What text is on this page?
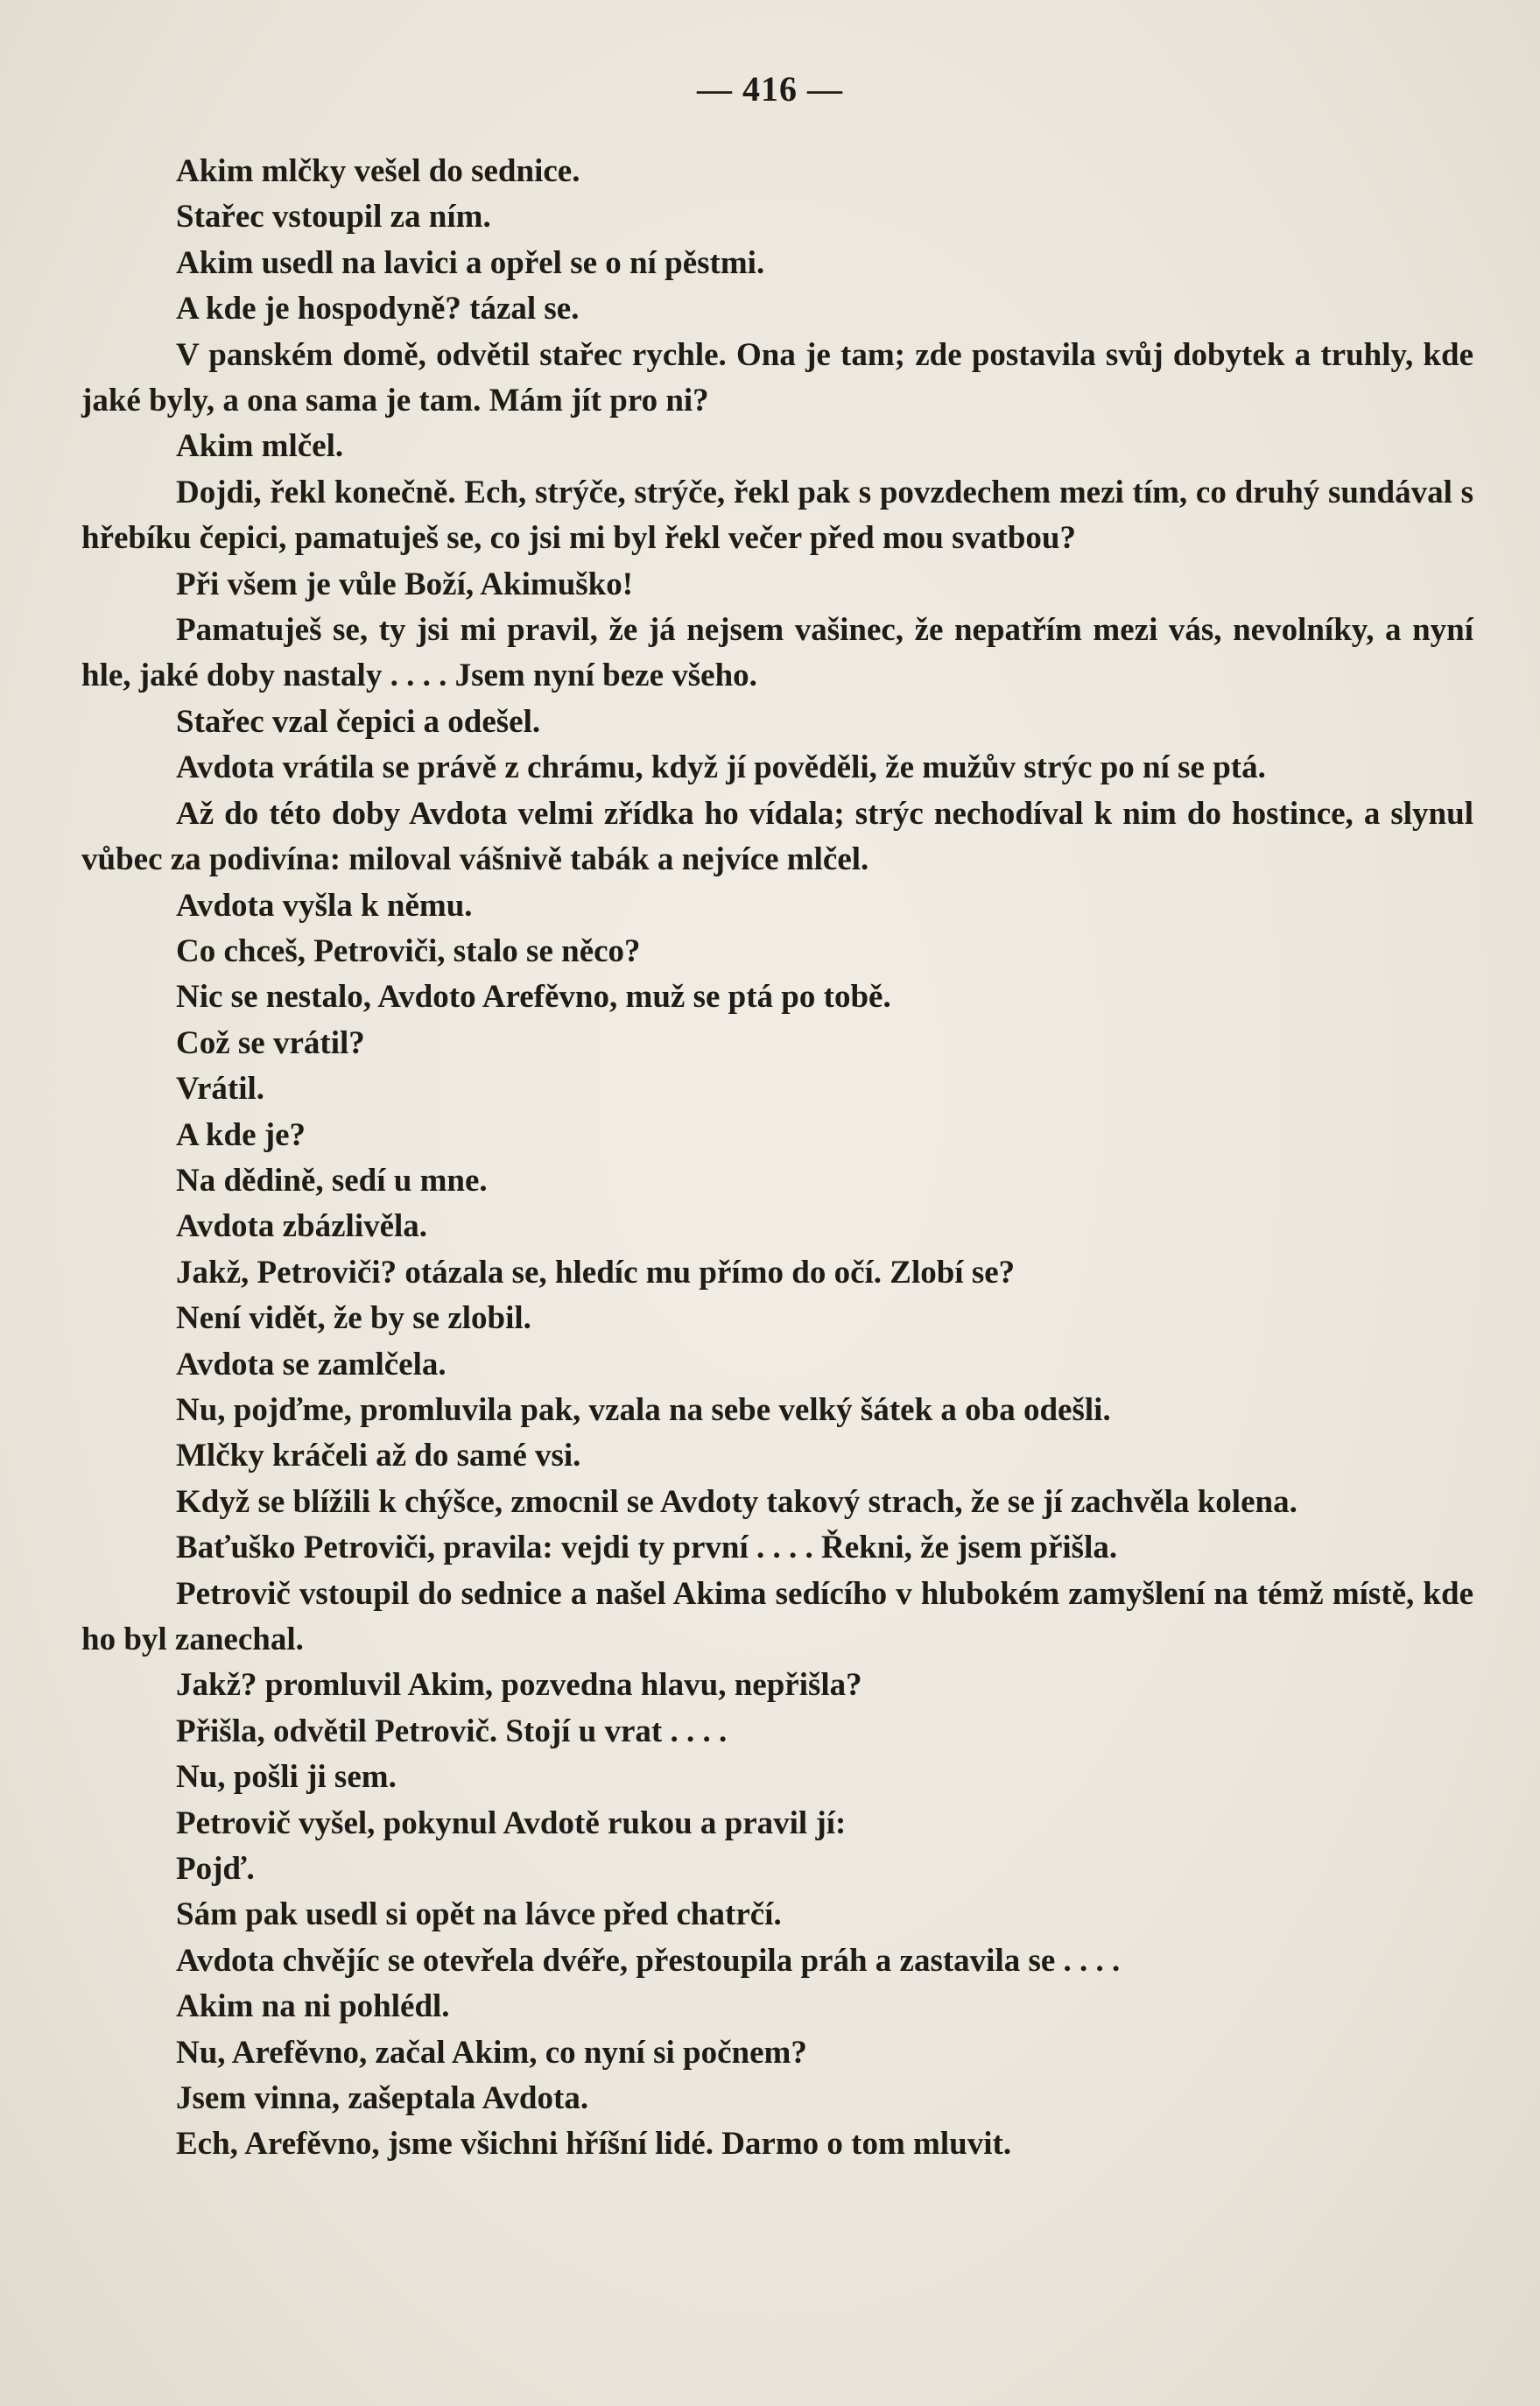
— 416 —

Akim mlčky vešel do sednice.

Stařec vstoupil za ním.

Akim usedl na lavici a opřel se o ní pěstmi.

A kde je hospodyně? tázal se.

V panském domě, odvětil stařec rychle. Ona je tam; zde postavila svůj dobytek a truhly, kde jaké byly, a ona sama je tam. Mám jít pro ni?

Akim mlčel.

Dojdi, řekl konečně. Ech, strýče, strýče, řekl pak s povzdechem mezi tím, co druhý sundával s hřebíku čepici, pamatuješ se, co jsi mi byl řekl večer před mou svatbou?

Při všem je vůle Boží, Akimuško!

Pamatuješ se, ty jsi mi pravil, že já nejsem vašinec, že nepatřím mezi vás, nevolníky, a nyní hle, jaké doby nastaly . . . . Jsem nyní beze všeho.

Stařec vzal čepici a odešel.

Avdota vrátila se právě z chrámu, když jí pověděli, že mužův strýc po ní se ptá.

Až do této doby Avdota velmi zřídka ho vídala; strýc nechodíval k nim do hostince, a slynul vůbec za podivína: miloval vášnivě tabák a nejvíce mlčel.

Avdota vyšla k němu.

Co chceš, Petroviči, stalo se něco?

Nic se nestalo, Avdoto Arefěvno, muž se ptá po tobě.

Což se vrátil?

Vrátil.

A kde je?

Na dědině, sedí u mne.

Avdota zbázlivěla.

Jakž, Petroviči? otázala se, hledíc mu přímo do očí. Zlobí se?

Není vidět, že by se zlobil.

Avdota se zamlčela.

Nu, pojďme, promluvila pak, vzala na sebe velký šátek a oba odešli.

Mlčky kráčeli až do samé vsi.

Když se blížili k chýšce, zmocnil se Avdoty takový strach, že se jí zachvěla kolena.

Baťuško Petroviči, pravila: vejdi ty první . . . . Řekni, že jsem přišla.

Petrovič vstoupil do sednice a našel Akima sedícího v hlubokém zamyšlení na témž místě, kde ho byl zanechal.

Jakž? promluvil Akim, pozvedna hlavu, nepřišla?

Přišla, odvětil Petrovič. Stojí u vrat . . . .

Nu, pošli ji sem.

Petrovič vyšel, pokynul Avdotě rukou a pravil jí:

Pojď.

Sám pak usedl si opět na lávce před chatrčí.

Avdota chvějíc se otevřela dvéře, přestoupila práh a zastavila se . . . .

Akim na ni pohlédl.

Nu, Arefěvno, začal Akim, co nyní si počnem?

Jsem vinna, zašeptala Avdota.

Ech, Arefěvno, jsme všichni hříšní lidé. Darmo o tom mluvit.
